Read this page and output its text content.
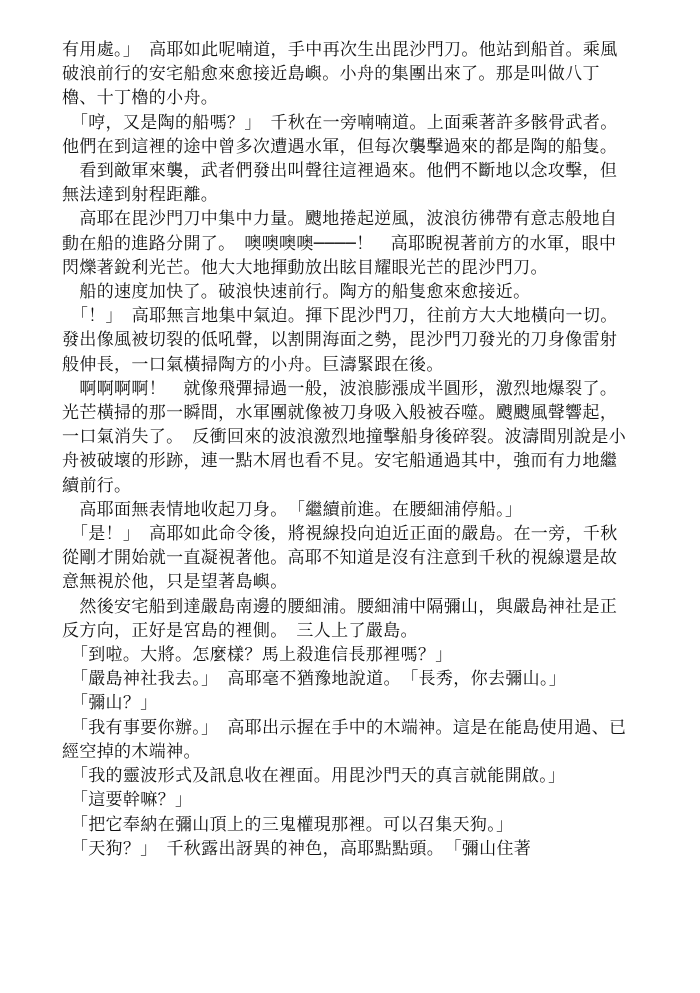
有用處。」　高耶如此呢喃道，手中再次生出毘沙門刀。他站到船首。乘風破浪前行的安宅船愈來愈接近島嶼。小舟的集團出來了。那是叫做八丁櫓、十丁櫓的小舟。

　「哼，又是陶的船嗎？」　千秋在一旁喃喃道。上面乘著許多骸骨武者。他們在到這裡的途中曾多次遭遇水軍，但每次襲擊過來的都是陶的船隻。

　看到敵軍來襲，武者們發出叫聲往這裡過來。他們不斷地以念攻擊，但無法達到射程距離。

　高耶在毘沙門刀中集中力量。颼地捲起逆風，波浪彷彿帶有意志般地自動在船的進路分開了。　噢噢噢噢────！　高耶睨視著前方的水軍，眼中閃爍著銳利光芒。他大大地揮動放出眩目耀眼光芒的毘沙門刀。

　船的速度加快了。破浪快速前行。陶方的船隻愈來愈接近。

　「！」　高耶無言地集中氣迫。揮下毘沙門刀，往前方大大地橫向一切。　發出像風被切裂的低吼聲，以割開海面之勢，毘沙門刀發光的刀身像雷射般伸長，一口氣橫掃陶方的小舟。巨濤緊跟在後。

　啊啊啊啊！　就像飛彈掃過一般，波浪膨漲成半圓形，激烈地爆裂了。光芒橫掃的那一瞬間，水軍團就像被刀身吸入般被吞噬。颼颼風聲響起，一口氣消失了。　反衝回來的波浪激烈地撞擊船身後碎裂。波濤間別說是小舟被破壞的形跡，連一點木屑也看不見。安宅船通過其中，強而有力地繼續前行。

　高耶面無表情地收起刀身。　「繼續前進。在腰細浦停船。」

　「是！」　高耶如此命令後，將視線投向迫近正面的嚴島。在一旁，千秋從剛才開始就一直凝視著他。高耶不知道是沒有注意到千秋的視線還是故意無視於他，只是望著島嶼。

　然後安宅船到達嚴島南邊的腰細浦。腰細浦中隔彌山，與嚴島神社是正反方向，正好是宮島的裡側。　三人上了嚴島。

　「到啦。大將。怎麼樣？馬上殺進信長那裡嗎？」

　「嚴島神社我去。」　高耶毫不猶豫地說道。　「長秀，你去彌山。」

　「彌山？」

　「我有事要你辦。」　高耶出示握在手中的木端神。這是在能島使用過、已經空掉的木端神。

　「我的靈波形式及訊息收在裡面。用毘沙門天的真言就能開啟。」

　「這要幹嘛？」

　「把它奉納在彌山頂上的三鬼權現那裡。可以召集天狗。」

　「天狗？」　千秋露出訝異的神色，高耶點點頭。　「彌山住著
